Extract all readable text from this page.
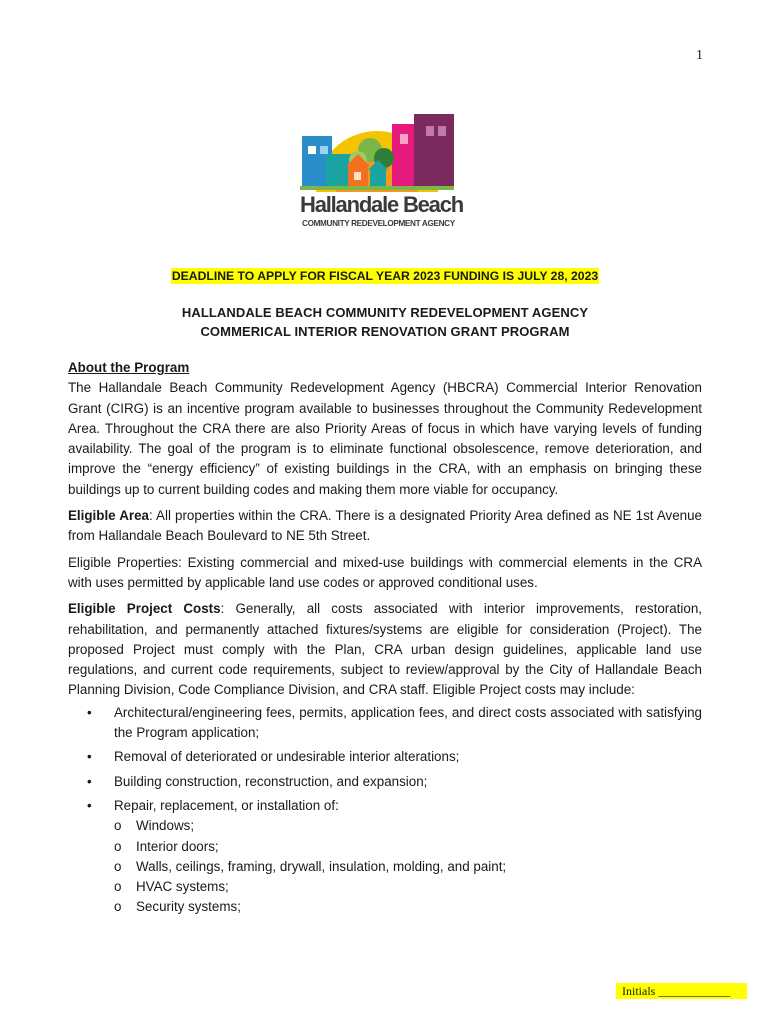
1
Hallandale Beach
COMMUNITY REDEVELOPMENT AGENCY
DEADLINE TO APPLY FOR FISCAL YEAR 2023 FUNDING IS JULY 28, 2023
HALLANDALE BEACH COMMUNITY REDEVELOPMENT AGENCY
COMMERICAL INTERIOR RENOVATION GRANT PROGRAM
About the Program

The Hallandale Beach Community Redevelopment Agency (HBCRA) Commercial Interior Renovation Grant (CIRG) is an incentive program available to businesses throughout the Community Redevelopment Area. Throughout the CRA there are also Priority Areas of focus in which have varying levels of funding availability. The goal of the program is to eliminate functional obsolescence, remove deterioration, and improve the “energy efficiency” of existing buildings in the CRA, with an emphasis on bringing these buildings up to current building codes and making them more viable for occupancy.

Eligible Area: All properties within the CRA. There is a designated Priority Area defined as NE 1st Avenue from Hallandale Beach Boulevard to NE 5th Street.

Eligible Properties: Existing commercial and mixed-use buildings with commercial elements in the CRA with uses permitted by applicable land use codes or approved conditional uses.

Eligible Project Costs: Generally, all costs associated with interior improvements, restoration, rehabilitation, and permanently attached fixtures/systems are eligible for consideration (Project). The proposed Project must comply with the Plan, CRA urban design guidelines, applicable land use regulations, and current code requirements, subject to review/approval by the City of Hallandale Beach Planning Division, Code Compliance Division, and CRA staff. Eligible Project costs may include:

• Architectural/engineering fees, permits, application fees, and direct costs associated with satisfying the Program application;
• Removal of deteriorated or undesirable interior alterations;
• Building construction, reconstruction, and expansion;
• Repair, replacement, or installation of:
o Windows;
o Interior doors;
o Walls, ceilings, framing, drywall, insulation, molding, and paint;
o HVAC systems;
o Security systems;
Initials ____________
